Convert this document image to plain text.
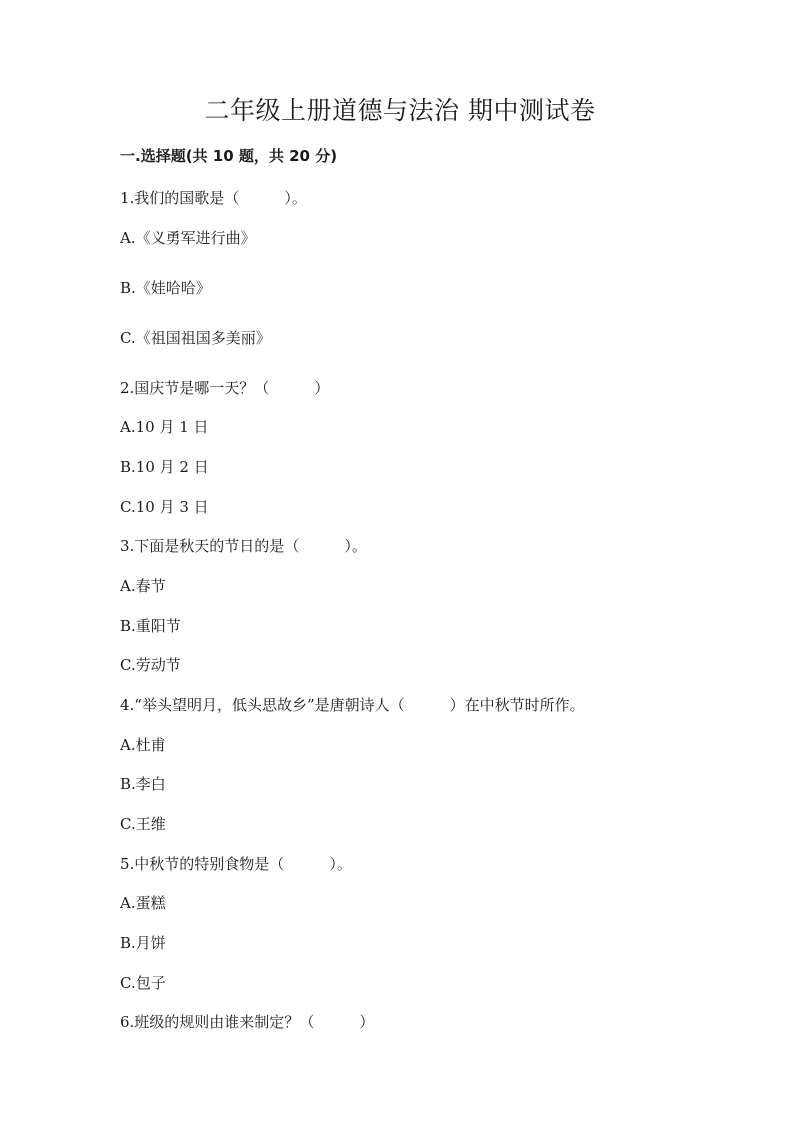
二年级上册道德与法治 期中测试卷
一.选择题(共 10 题，共 20 分)
1.我们的国歌是（　　　）。
A.《义勇军进行曲》
B.《娃哈哈》
C.《祖国祖国多美丽》
2.国庆节是哪一天？（　　　）
A.10 月 1 日
B.10 月 2 日
C.10 月 3 日
3.下面是秋天的节日的是（　　　）。
A.春节
B.重阳节
C.劳动节
4.“举头望明月，低头思故乡”是唐朝诗人（　　　）在中秋节时所作。
A.杜甫
B.李白
C.王维
5.中秋节的特别食物是（　　　）。
A.蛋糕
B.月饼
C.包子
6.班级的规则由谁来制定？（　　　）
